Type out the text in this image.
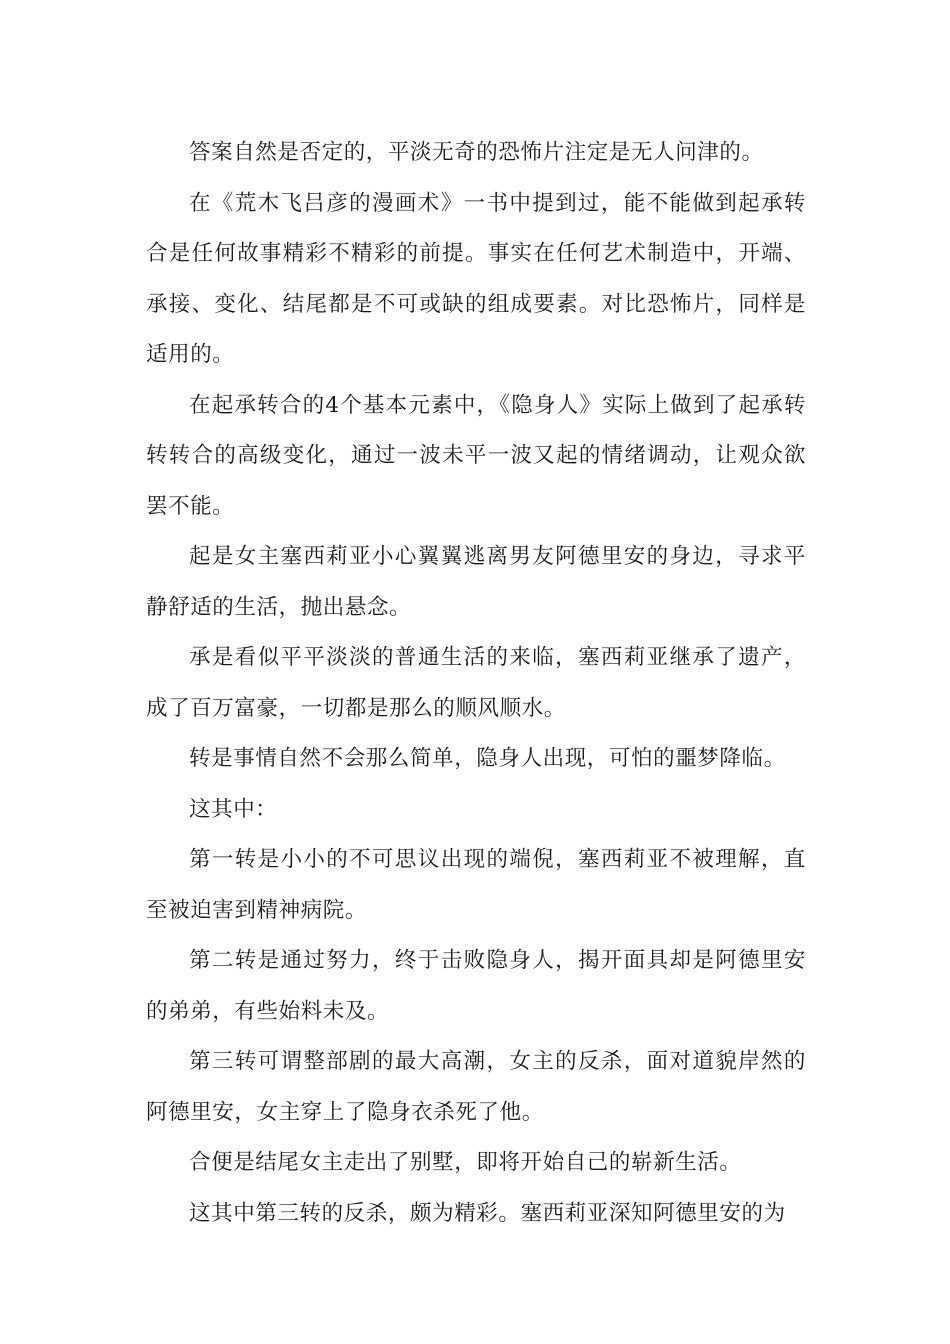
答案自然是否定的，平淡无奇的恐怖片注定是无人问津的。

在《荒木飞吕彦的漫画术》一书中提到过，能不能做到起承转合是任何故事精彩不精彩的前提。事实在任何艺术制造中，开端、承接、变化、结尾都是不可或缺的组成要素。对比恐怖片，同样是适用的。

在起承转合的4个基本元素中，《隐身人》实际上做到了起承转转转合的高级变化，通过一波未平一波又起的情绪调动，让观众欲罢不能。

起是女主塞西莉亚小心翼翼逃离男友阿德里安的身边，寻求平静舒适的生活，抛出悬念。

承是看似平平淡淡的普通生活的来临，塞西莉亚继承了遗产，成了百万富豪，一切都是那么的顺风顺水。

转是事情自然不会那么简单，隐身人出现，可怕的噩梦降临。

这其中：

第一转是小小的不可思议出现的端倪，塞西莉亚不被理解，直至被迫害到精神病院。

第二转是通过努力，终于击败隐身人，揭开面具却是阿德里安的弟弟，有些始料未及。

第三转可谓整部剧的最大高潮，女主的反杀，面对道貌岸然的阿德里安，女主穿上了隐身衣杀死了他。

合便是结尾女主走出了别墅，即将开始自己的崭新生活。

这其中第三转的反杀，颇为精彩。塞西莉亚深知阿德里安的为
